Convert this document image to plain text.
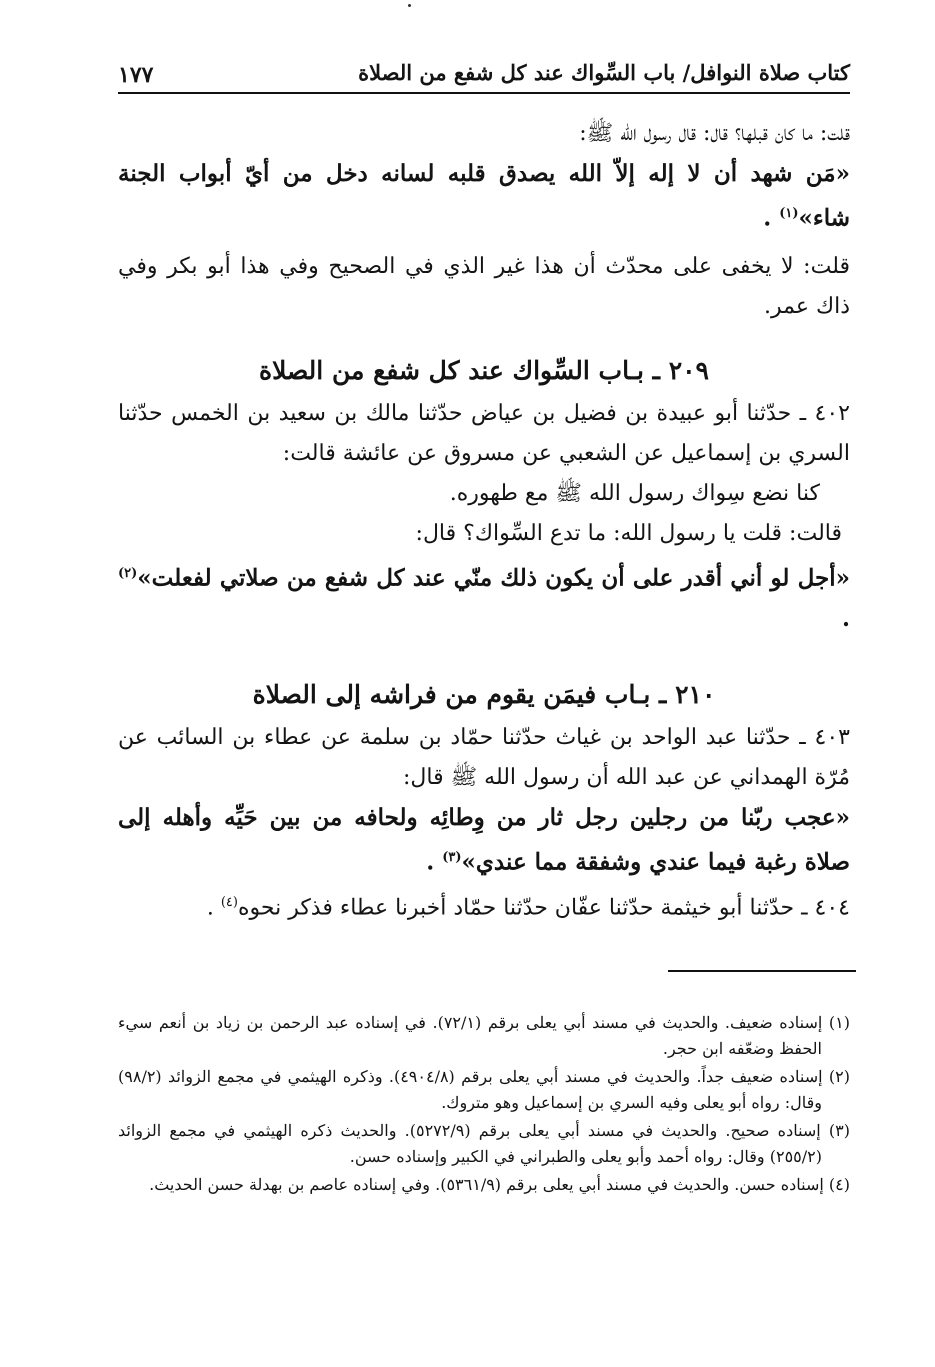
كتاب صلاة النوافل/ باب السِّواك عند كل شفع من الصلاة
١٧٧

قلت: ما كان قبلها؟ قال: قال رسول الله ﷺ:

«مَن شهد أن لا إله إلاّ الله يصدق قلبه لسانه دخل من أيّ أبواب الجنة شاء»$^{(١)}$ .

قلت: لا يخفى على محدّث أن هذا غير الذي في الصحيح وفي هذا أبو بكر وفي ذاك عمر.

٢٠٩ ـ بـاب السِّواك عند كل شفع من الصلاة

٤٠٢ ـ حدّثنا أبو عبيدة بن فضيل بن عياض حدّثنا مالك بن سعيد بن الخمس حدّثنا السري بن إسماعيل عن الشعبي عن مسروق عن عائشة قالت:

كنا نضع سِواك رسول الله ﷺ مع طهوره.

قالت: قلت يا رسول الله: ما تدع السِّواك؟ قال:

«أجل لو أني أقدر على أن يكون ذلك منّي عند كل شفع من صلاتي لفعلت»$^{(٢)}$ .

٢١٠ ـ بـاب فيمَن يقوم من فراشه إلى الصلاة

٤٠٣ ـ حدّثنا عبد الواحد بن غياث حدّثنا حمّاد بن سلمة عن عطاء بن السائب عن مُرّة الهمداني عن عبد الله أن رسول الله ﷺ قال:

«عجب ربّنا من رجلين رجل ثار من وِطائِه ولحافه من بين حَيِّه وأهله إلى صلاة رغبة فيما عندي وشفقة مما عندي»$^{(٣)}$ .

٤٠٤ ـ حدّثنا أبو خيثمة حدّثنا عفّان حدّثنا حمّاد أخبرنا عطاء فذكر نحوه$^{(٤)}$ .

(١) إسناده ضعيف. والحديث في مسند أبي يعلى برقم (٧٢/١). في إسناده عبد الرحمن بن زياد بن أنعم سيء الحفظ وضعّفه ابن حجر.

(٢) إسناده ضعيف جداً. والحديث في مسند أبي يعلى برقم (٤٩٠٤/٨). وذكره الهيثمي في مجمع الزوائد (٩٨/٢) وقال: رواه أبو يعلى وفيه السري بن إسماعيل وهو متروك.

(٣) إسناده صحيح. والحديث في مسند أبي يعلى برقم (٥٢٧٢/٩). والحديث ذكره الهيثمي في مجمع الزوائد (٢٥٥/٢) وقال: رواه أحمد وأبو يعلى والطبراني في الكبير وإسناده حسن.

(٤) إسناده حسن. والحديث في مسند أبي يعلى برقم (٥٣٦١/٩). وفي إسناده عاصم بن بهدلة حسن الحديث.
